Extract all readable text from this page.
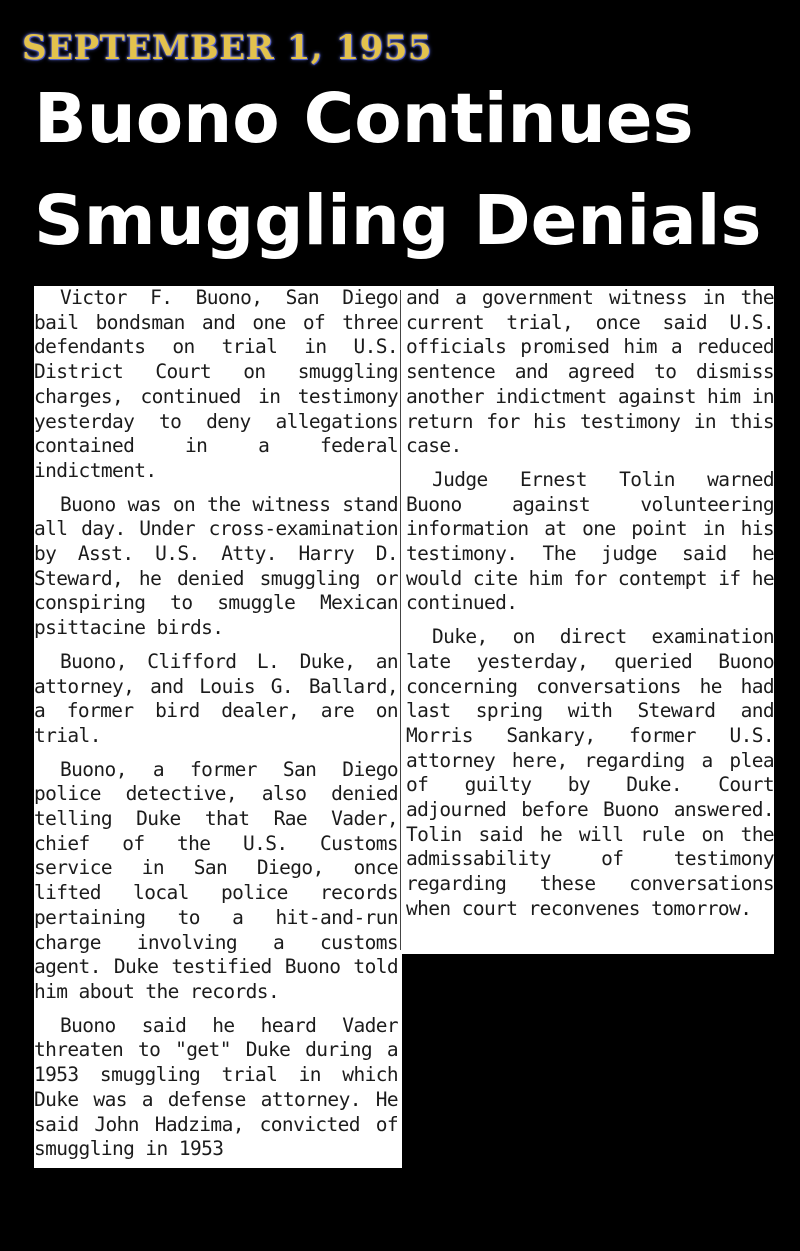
SEPTEMBER 1, 1955
Buono Continues
Smuggling Denials

Victor F. Buono, San Diego bail bondsman and one of three defendants on trial in U.S. District Court on smuggling charges, continued in testimony yesterday to deny allegations contained in a federal indictment.

Buono was on the witness stand all day. Under cross-examination by Asst. U.S. Atty. Harry D. Steward, he denied smuggling or conspiring to smuggle Mexican psittacine birds.

Buono, Clifford L. Duke, an attorney, and Louis G. Ballard, a former bird dealer, are on trial.

Buono, a former San Diego police detective, also denied telling Duke that Rae Vader, chief of the U.S. Customs service in San Diego, once lifted local police records pertaining to a hit-and-run charge involving a customs agent. Duke testified Buono told him about the records.

Buono said he heard Vader threaten to "get" Duke during a 1953 smuggling trial in which Duke was a defense attorney. He said John Hadzima, convicted of smuggling in 1953

and a government witness in the current trial, once said U.S. officials promised him a reduced sentence and agreed to dismiss another indictment against him in return for his testimony in this case.

Judge Ernest Tolin warned Buono against volunteering information at one point in his testimony. The judge said he would cite him for contempt if he continued.

Duke, on direct examination late yesterday, queried Buono concerning conversations he had last spring with Steward and Morris Sankary, former U.S. attorney here, regarding a plea of guilty by Duke. Court adjourned before Buono answered. Tolin said he will rule on the admissability of testimony regarding these conversations when court reconvenes tomorrow.
